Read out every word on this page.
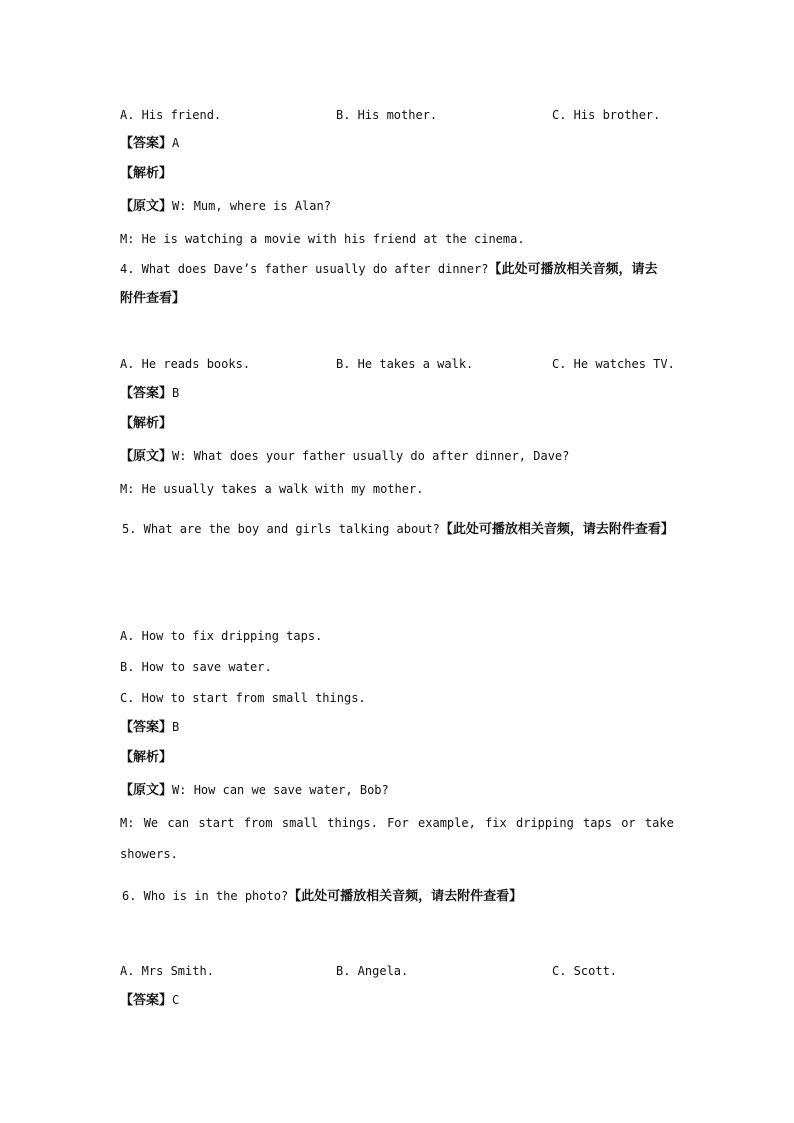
A. His friend.	B. His mother.	C. His brother.
【答案】A
【解析】
【原文】W: Mum, where is Alan?
M: He is watching a movie with his friend at the cinema.
4. What does Dave’s father usually do after dinner?【此处可播放相关音频，请去
附件查看】
A. He reads books.	B. He takes a walk.	C. He watches TV.
【答案】B
【解析】
【原文】W: What does your father usually do after dinner, Dave?
M: He usually takes a walk with my mother.
5. What are the boy and girls talking about?【此处可播放相关音频，请去附件查看】
A. How to fix dripping taps.
B. How to save water.
C. How to start from small things.
【答案】B
【解析】
【原文】W: How can we save water, Bob?
M: We can start from small things. For example, fix dripping taps or take
showers.
6. Who is in the photo?【此处可播放相关音频，请去附件查看】
A. Mrs Smith.	B. Angela.	C. Scott.
【答案】C
